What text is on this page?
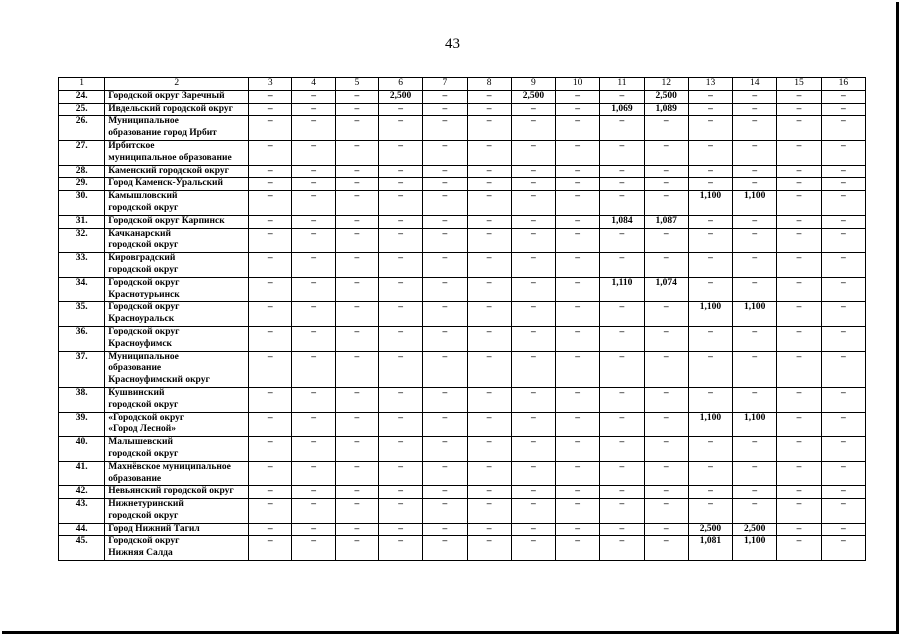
43
1	2	3	4	5	6	7	8	9	10	11	12	13	14	15	16
24.	Городской округ Заречный	–	–	–	2,500	–	–	2,500	–	–	2,500	–	–	–	–
25.	Ивдельский городской округ	–	–	–	–	–	–	–	–	1,069	1,089	–	–	–	–
26.	Муниципальное
образование город Ирбит	–	–	–	–	–	–	–	–	–	–	–	–	–	–
27.	Ирбитское
муниципальное образование	–	–	–	–	–	–	–	–	–	–	–	–	–	–
28.	Каменский городской округ	–	–	–	–	–	–	–	–	–	–	–	–	–	–
29.	Город Каменск-Уральский	–	–	–	–	–	–	–	–	–	–	–	–	–	–
30.	Камышловский
городской округ	–	–	–	–	–	–	–	–	–	–	1,100	1,100	–	–
31.	Городской округ Карпинск	–	–	–	–	–	–	–	–	1,084	1,087	–	–	–	–
32.	Качканарский
городской округ	–	–	–	–	–	–	–	–	–	–	–	–	–	–
33.	Кировградский
городской округ	–	–	–	–	–	–	–	–	–	–	–	–	–	–
34.	Городской округ
Краснотурьинск	–	–	–	–	–	–	–	–	1,110	1,074	–	–	–	–
35.	Городской округ
Красноуральск	–	–	–	–	–	–	–	–	–	–	1,100	1,100	–	–
36.	Городской округ
Красноуфимск	–	–	–	–	–	–	–	–	–	–	–	–	–	–
37.	Муниципальное
образование
Красноуфимский округ	–	–	–	–	–	–	–	–	–	–	–	–	–	–
38.	Кушвинский
городской округ	–	–	–	–	–	–	–	–	–	–	–	–	–	–
39.	«Городской округ
«Город Лесной»	–	–	–	–	–	–	–	–	–	–	1,100	1,100	–	–
40.	Малышевский
городской округ	–	–	–	–	–	–	–	–	–	–	–	–	–	–
41.	Махнёвское муниципальное
образование	–	–	–	–	–	–	–	–	–	–	–	–	–	–
42.	Невьянский городской округ	–	–	–	–	–	–	–	–	–	–	–	–	–	–
43.	Нижнетуринский
городской округ	–	–	–	–	–	–	–	–	–	–	–	–	–	–
44.	Город Нижний Тагил	–	–	–	–	–	–	–	–	–	–	2,500	2,500	–	–
45.	Городской округ
Нижняя Салда	–	–	–	–	–	–	–	–	–	–	1,081	1,100	–	–
